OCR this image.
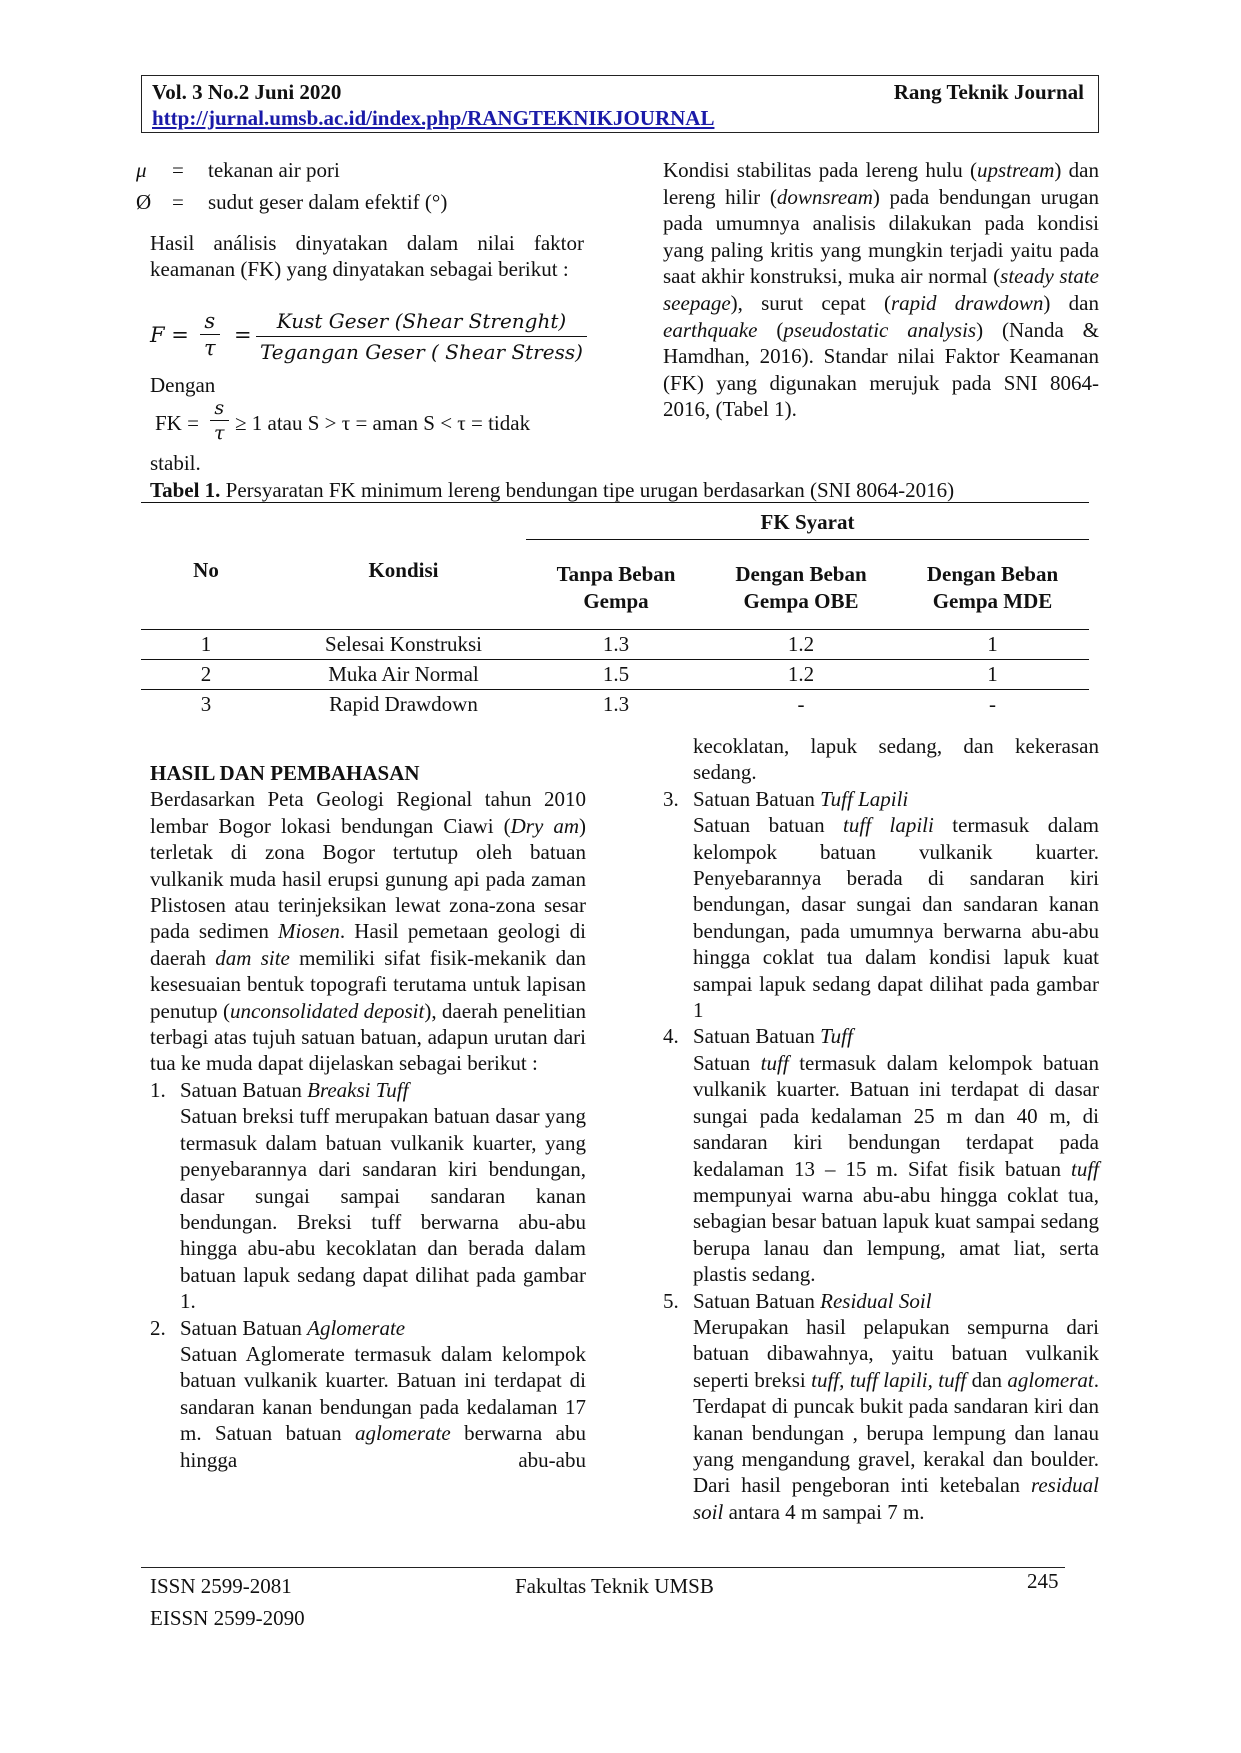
Vol. 3 No.2 Juni 2020	Rang Teknik Journal
http://jurnal.umsb.ac.id/index.php/RANGTEKNIKJOURNAL
μ = tekanan air pori
Ø = sudut geser dalam efektif (°)

Hasil análisis dinyatakan dalam nilai faktor keamanan (FK) yang dinyatakan sebagai berikut :

$F = \frac{s}{\tau}$ =
Kust Geser (Shear Strenght)
Tegangan Geser ( Shear Stress)

Dengan

FK = $\frac{s}{\tau} \ge 1$ atau S > τ = aman S < τ = tidak

stabil.

Kondisi stabilitas pada lereng hulu (upstream) dan lereng hilir (downsream) pada bendungan urugan pada umumnya analisis dilakukan pada kondisi yang paling kritis yang mungkin terjadi yaitu pada saat akhir konstruksi, muka air normal (steady state seepage), surut cepat (rapid drawdown) dan earthquake (pseudostatic analysis) (Nanda & Hamdhan, 2016). Standar nilai Faktor Keamanan (FK) yang digunakan merujuk pada SNI 8064-2016, (Tabel 1).

Tabel 1. Persyaratan FK minimum lereng bendungan tipe urugan berdasarkan (SNI 8064-2016)
No	Kondisi
FK Syarat
Tanpa Beban
Gempa
Dengan Beban
Gempa OBE
Dengan Beban
Gempa MDE
1	Selesai Konstruksi	1.3	1.2	1
2	Muka Air Normal	1.5	1.2	1
3	Rapid Drawdown	1.3	-	-

HASIL DAN PEMBAHASAN

Berdasarkan Peta Geologi Regional tahun 2010 lembar Bogor lokasi bendungan Ciawi (Dry am) terletak di zona Bogor tertutup oleh batuan vulkanik muda hasil erupsi gunung api pada zaman Plistosen atau terinjeksikan lewat zona-zona sesar pada sedimen Miosen. Hasil pemetaan geologi di daerah dam site memiliki sifat fisik-mekanik dan kesesuaian bentuk topografi terutama untuk lapisan penutup (unconsolidated deposit), daerah penelitian terbagi atas tujuh satuan batuan, adapun urutan dari tua ke muda dapat dijelaskan sebagai berikut :

1. Satuan Batuan Breaksi Tuff

Satuan breksi tuff merupakan batuan dasar yang termasuk dalam batuan vulkanik kuarter, yang penyebarannya dari sandaran kiri bendungan, dasar sungai sampai sandaran kanan bendungan. Breksi tuff berwarna abu-abu hingga abu-abu kecoklatan dan berada dalam batuan lapuk sedang dapat dilihat pada gambar 1.

2. Satuan Batuan Aglomerate

Satuan Aglomerate termasuk dalam kelompok batuan vulkanik kuarter. Batuan ini terdapat di sandaran kanan bendungan pada kedalaman 17 m. Satuan batuan aglomerate berwarna abu hingga abu-abu

kecoklatan, lapuk sedang, dan kekerasan sedang.

3. Satuan Batuan Tuff Lapili

Satuan batuan tuff lapili termasuk dalam kelompok batuan vulkanik kuarter. Penyebarannya berada di sandaran kiri bendungan, dasar sungai dan sandaran kanan bendungan, pada umumnya berwarna abu-abu hingga coklat tua dalam kondisi lapuk kuat sampai lapuk sedang dapat dilihat pada gambar 1

4. Satuan Batuan Tuff

Satuan tuff termasuk dalam kelompok batuan vulkanik kuarter. Batuan ini terdapat di dasar sungai pada kedalaman 25 m dan 40 m, di sandaran kiri bendungan terdapat pada kedalaman 13 – 15 m. Sifat fisik batuan tuff mempunyai warna abu-abu hingga coklat tua, sebagian besar batuan lapuk kuat sampai sedang berupa lanau dan lempung, amat liat, serta plastis sedang.

5. Satuan Batuan Residual Soil

Merupakan hasil pelapukan sempurna dari batuan dibawahnya, yaitu batuan vulkanik seperti breksi tuff, tuff lapili, tuff dan aglomerat. Terdapat di puncak bukit pada sandaran kiri dan kanan bendungan , berupa lempung dan lanau yang mengandung gravel, kerakal dan boulder. Dari hasil pengeboran inti ketebalan residual soil antara 4 m sampai 7 m.

ISSN 2599-2081
EISSN 2599-2090
Fakultas Teknik UMSB	245
